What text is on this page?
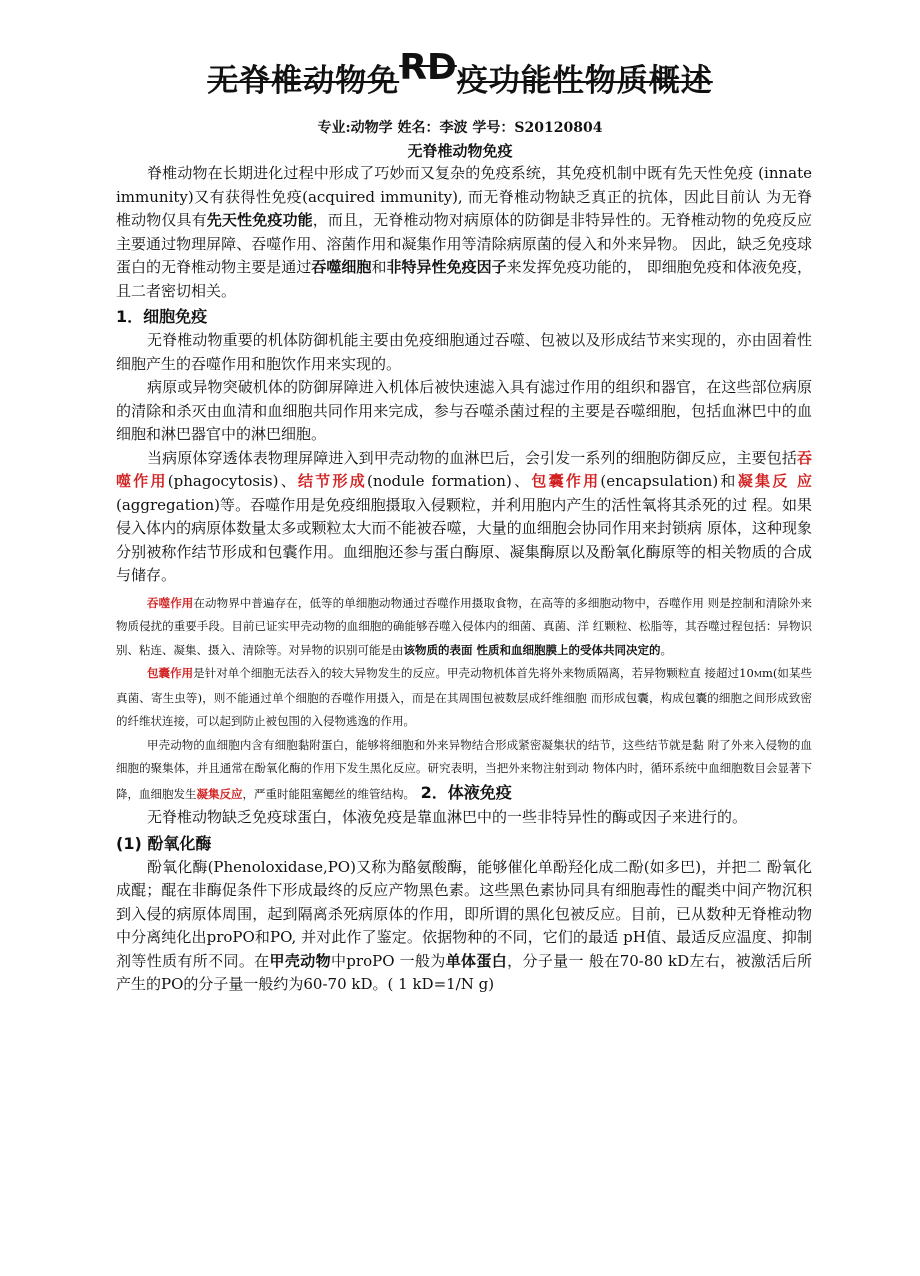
无脊椎动物免RD疫功能性物质概述
专业:动物学 姓名：李波 学号：S20120804
无脊椎动物免疫

脊椎动物在长期进化过程中形成了巧妙而又复杂的免疫系统，其免疫机制中既有先天性免疫 (innate immunity)又有获得性免疫(acquired immunity), 而无脊椎动物缺乏真正的抗体，因此目前认 为无脊椎动物仅具有先天性免疫功能，而且，无脊椎动物对病原体的防御是非特异性的。无脊椎动物的免疫反应主要通过物理屏障、吞噬作用、溶菌作用和凝集作用等清除病原菌的侵入和外来异物。 因此，缺乏免疫球蛋白的无脊椎动物主要是通过吞噬细胞和非特异性免疫因子来发挥免疫功能的， 即细胞免疫和体液免疫，且二者密切相关。

1．细胞免疫

无脊椎动物重要的机体防御机能主要由免疫细胞通过吞噬、包被以及形成结节来实现的，亦由固着性细胞产生的吞噬作用和胞饮作用来实现的。

病原或异物突破机体的防御屏障进入机体后被快速滤入具有滤过作用的组织和器官，在这些部位病原的清除和杀灭由血清和血细胞共同作用来完成，参与吞噬杀菌过程的主要是吞噬细胞，包括血淋巴中的血细胞和淋巴器官中的淋巴细胞。

当病原体穿透体表物理屏障进入到甲壳动物的血淋巴后，会引发一系列的细胞防御反应，主要包括吞噬作用(phagocytosis)、结节形成(nodule formation)、包囊作用(encapsulation)和凝集反 应(aggregation)等。吞噬作用是免疫细胞摄取入侵颗粒，并利用胞内产生的活性氧将其杀死的过 程。如果侵入体内的病原体数量太多或颗粒太大而不能被吞噬，大量的血细胞会协同作用来封锁病 原体，这种现象分别被称作结节形成和包囊作用。血细胞还参与蛋白酶原、凝集酶原以及酚氧化酶原等的相关物质的合成与储存。

吞噬作用在动物界中普遍存在，低等的单细胞动物通过吞噬作用摄取食物，在高等的多细胞动物中，吞噬作用 则是控制和清除外来物质侵扰的重要手段。目前已证实甲壳动物的血细胞的确能够吞噬入侵体内的细菌、真菌、洋 红颗粒、松脂等，其吞噬过程包括：异物识别、粘连、凝集、摄入、清除等。对异物的识别可能是由该物质的表面 性质和血细胞膜上的受体共同决定的。

包囊作用是针对单个细胞无法吞入的较大异物发生的反应。甲壳动物机体首先将外来物质隔离，若异物颗粒直 接超过10Mm(如某些真菌、寄生虫等)，则不能通过单个细胞的吞噬作用摄入，而是在其周围包被数层成纤维细胞 而形成包囊，构成包囊的细胞之间形成致密的纤维状连接，可以起到防止被包围的入侵物逃逸的作用。

甲壳动物的血细胞内含有细胞黏附蛋白，能够将细胞和外来异物结合形成紧密凝集状的结节，这些结节就是黏 附了外来入侵物的血细胞的聚集体，并且通常在酚氧化酶的作用下发生黑化反应。研究表明，当把外来物注射到动 物体内时，循环系统中血细胞数目会显著下降，血细胞发生凝集反应，严重时能阻塞鳃丝的维管结构。 2．体液免疫

无脊椎动物缺乏免疫球蛋白，体液免疫是靠血淋巴中的一些非特异性的酶或因子来进行的。

(1) 酚氧化酶

酚氧化酶(Phenoloxidase,PO)又称为酪氨酸酶，能够催化单酚羟化成二酚(如多巴)，并把二 酚氧化成醌；醌在非酶促条件下形成最终的反应产物黑色素。这些黑色素协同具有细胞毒性的醌类中间产物沉积到入侵的病原体周围，起到隔离杀死病原体的作用，即所谓的黑化包被反应。目前，已从数种无脊椎动物中分离纯化出proPO和PO, 并对此作了鉴定。依据物种的不同，它们的最适 pH值、最适反应温度、抑制剂等性质有所不同。在甲壳动物中proPO 一般为单体蛋白，分子量一 般在70-80 kD左右，被激活后所产生的PO的分子量一般约为60-70 kD。( 1 kD=1/N g)
